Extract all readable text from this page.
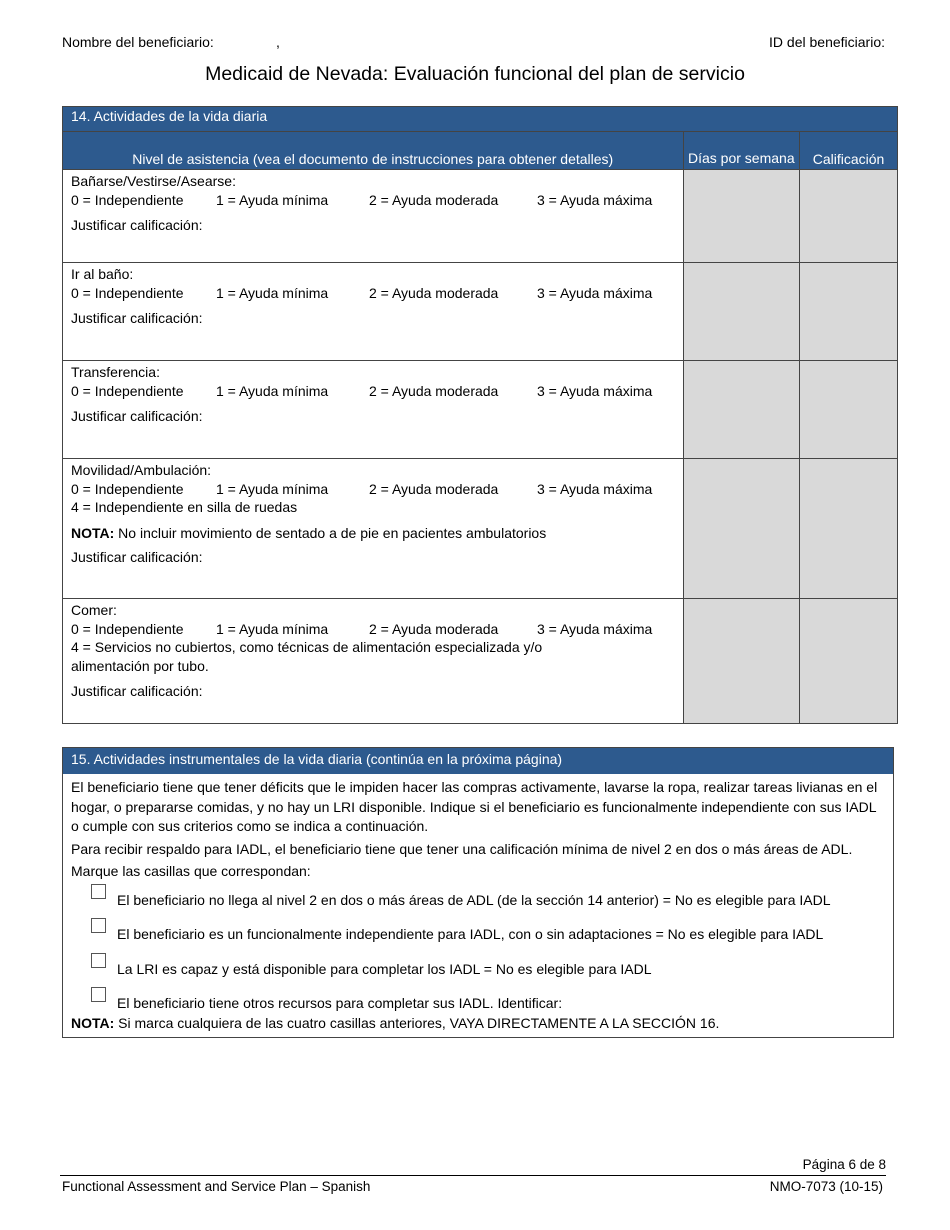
Nombre del beneficiario:	,	ID del beneficiario:
Medicaid de Nevada: Evaluación funcional del plan de servicio
14. Actividades de la vida diaria		
Nivel de asistencia (vea el documento de instrucciones para obtener detalles)	Días por semana	Calificación

Bañarse/Vestirse/Asearse:
0 = Independiente 1 = Ayuda mínima 2 = Ayuda moderada 3 = Ayuda máxima
Justificar calificación:		

Ir al baño:
0 = Independiente 1 = Ayuda mínima 2 = Ayuda moderada 3 = Ayuda máxima
Justificar calificación:		

Transferencia:
0 = Independiente 1 = Ayuda mínima 2 = Ayuda moderada 3 = Ayuda máxima
Justificar calificación:		

Movilidad/Ambulación:
0 = Independiente 1 = Ayuda mínima 2 = Ayuda moderada 3 = Ayuda máxima
4 = Independiente en silla de ruedas
NOTA: No incluir movimiento de sentado a de pie en pacientes ambulatorios
Justificar calificación:		

Comer:
0 = Independiente 1 = Ayuda mínima 2 = Ayuda moderada 3 = Ayuda máxima
4 = Servicios no cubiertos, como técnicas de alimentación especializada y/o alimentación por tubo.
Justificar calificación:		

15. Actividades instrumentales de la vida diaria (continúa en la próxima página)

El beneficiario tiene que tener déficits que le impiden hacer las compras activamente, lavarse la ropa, realizar tareas livianas en el hogar, o prepararse comidas, y no hay un LRI disponible. Indique si el beneficiario es funcionalmente independiente con sus IADL o cumple con sus criterios como se indica a continuación.

Para recibir respaldo para IADL, el beneficiario tiene que tener una calificación mínima de nivel 2 en dos o más áreas de ADL.

Marque las casillas que correspondan:

El beneficiario no llega al nivel 2 en dos o más áreas de ADL (de la sección 14 anterior) = No es elegible para IADL
El beneficiario es un funcionalmente independiente para IADL, con o sin adaptaciones = No es elegible para IADL
La LRI es capaz y está disponible para completar los IADL = No es elegible para IADL
El beneficiario tiene otros recursos para completar sus IADL. Identificar:
NOTA: Si marca cualquiera de las cuatro casillas anteriores, VAYA DIRECTAMENTE A LA SECCIÓN 16.
Página 6 de 8
Functional Assessment and Service Plan – Spanish	NMO-7073 (10-15)
